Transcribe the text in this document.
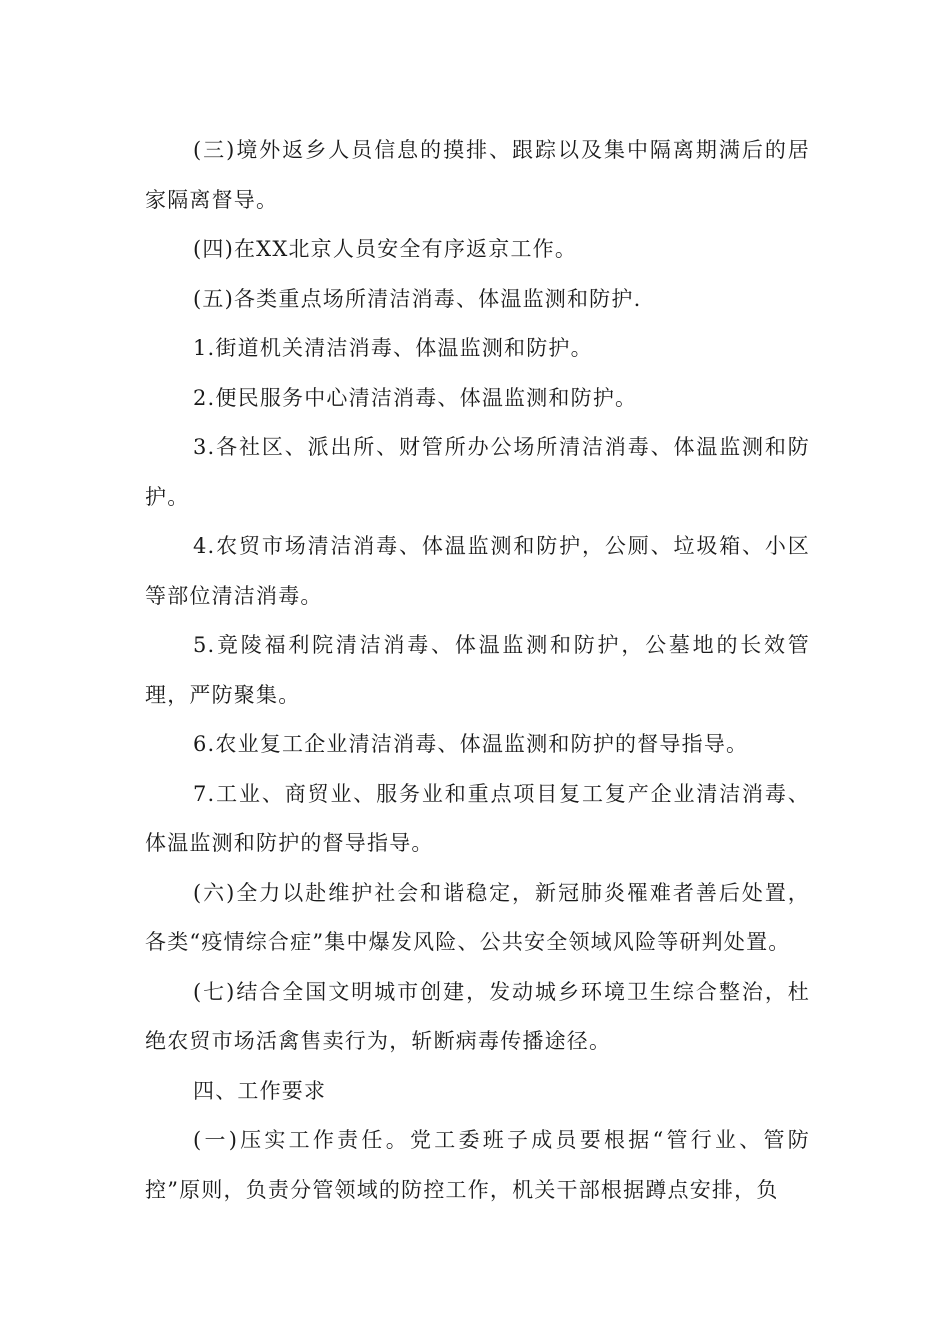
(三)境外返乡人员信息的摸排、跟踪以及集中隔离期满后的居家隔离督导。

(四)在XX北京人员安全有序返京工作。

(五)各类重点场所清洁消毒、体温监测和防护.

1.街道机关清洁消毒、体温监测和防护。

2.便民服务中心清洁消毒、体温监测和防护。

3.各社区、派出所、财管所办公场所清洁消毒、体温监测和防护。

4.农贸市场清洁消毒、体温监测和防护，公厕、垃圾箱、小区等部位清洁消毒。

5.竟陵福利院清洁消毒、体温监测和防护，公墓地的长效管理，严防聚集。

6.农业复工企业清洁消毒、体温监测和防护的督导指导。

7.工业、商贸业、服务业和重点项目复工复产企业清洁消毒、体温监测和防护的督导指导。

(六)全力以赴维护社会和谐稳定，新冠肺炎罹难者善后处置，各类“疫情综合症”集中爆发风险、公共安全领域风险等研判处置。

(七)结合全国文明城市创建，发动城乡环境卫生综合整治，杜绝农贸市场活禽售卖行为，斩断病毒传播途径。

四、工作要求

(一)压实工作责任。党工委班子成员要根据“管行业、管防控”原则，负责分管领域的防控工作，机关干部根据蹲点安排，负
